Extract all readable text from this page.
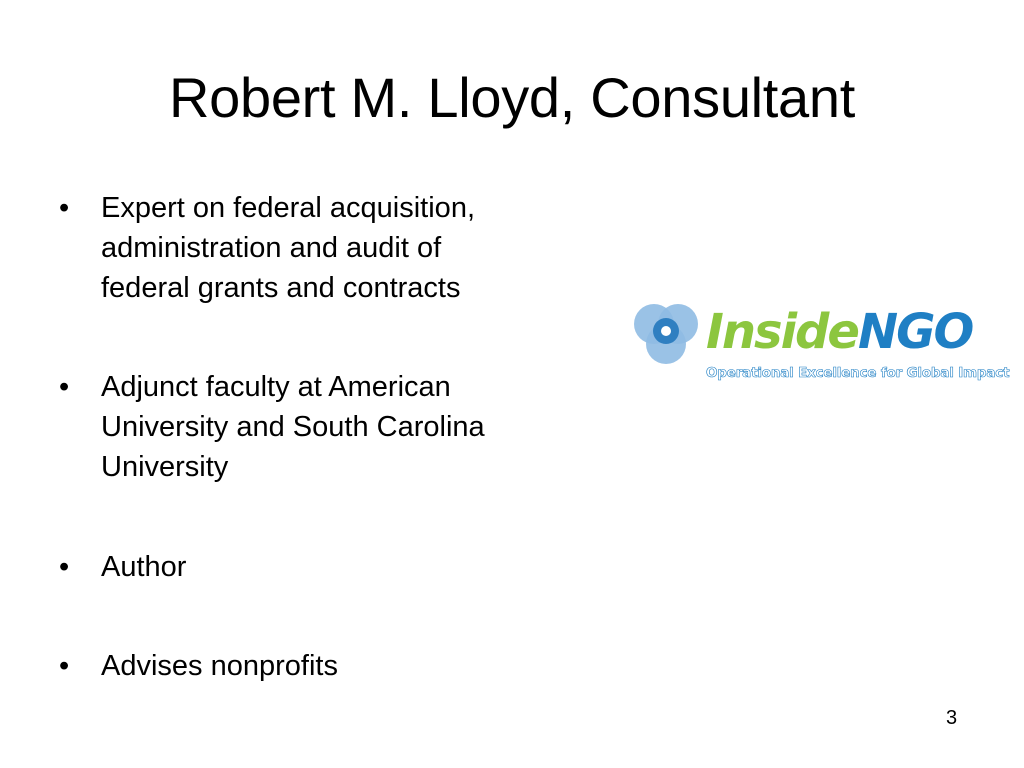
Robert M. Lloyd, Consultant
• Expert on federal acquisition,
administration and audit of
federal grants and contracts
• Adjunct faculty at American
University and South Carolina
University
• Author
• Advises nonprofits
InsideNGO
Operational Excellence for Global Impact
3
